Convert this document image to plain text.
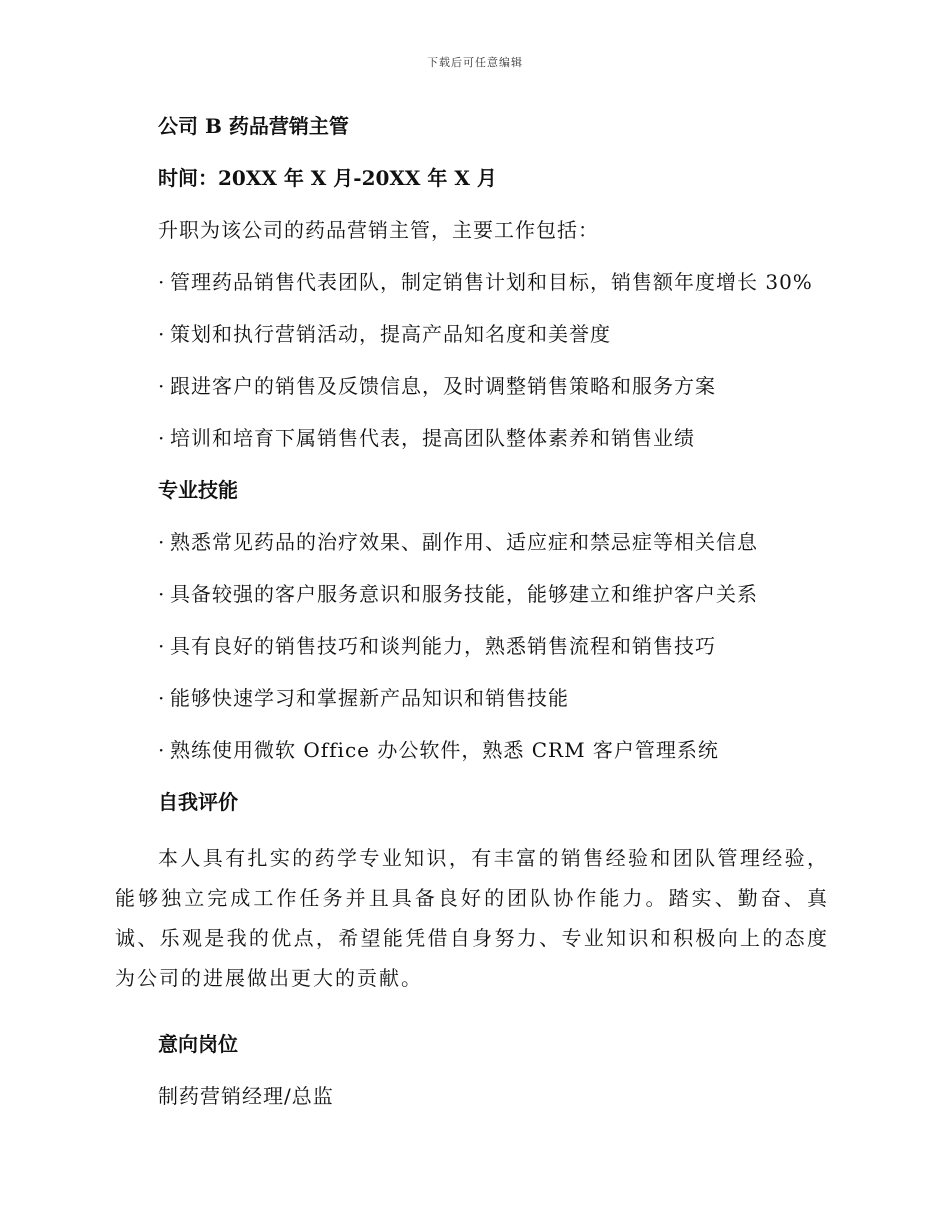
下载后可任意编辑
公司 B 药品营销主管
时间：20XX 年 X 月-20XX 年 X 月
升职为该公司的药品营销主管，主要工作包括：
· 管理药品销售代表团队，制定销售计划和目标，销售额年度增长 30%
· 策划和执行营销活动，提高产品知名度和美誉度
· 跟进客户的销售及反馈信息，及时调整销售策略和服务方案
· 培训和培育下属销售代表，提高团队整体素养和销售业绩
专业技能
· 熟悉常见药品的治疗效果、副作用、适应症和禁忌症等相关信息
· 具备较强的客户服务意识和服务技能，能够建立和维护客户关系
· 具有良好的销售技巧和谈判能力，熟悉销售流程和销售技巧
· 能够快速学习和掌握新产品知识和销售技能
· 熟练使用微软 Office 办公软件，熟悉 CRM 客户管理系统
自我评价

本人具有扎实的药学专业知识，有丰富的销售经验和团队管理经验，能够独立完成工作任务并且具备良好的团队协作能力。踏实、勤奋、真诚、乐观是我的优点，希望能凭借自身努力、专业知识和积极向上的态度为公司的进展做出更大的贡献。

意向岗位
制药营销经理/总监
